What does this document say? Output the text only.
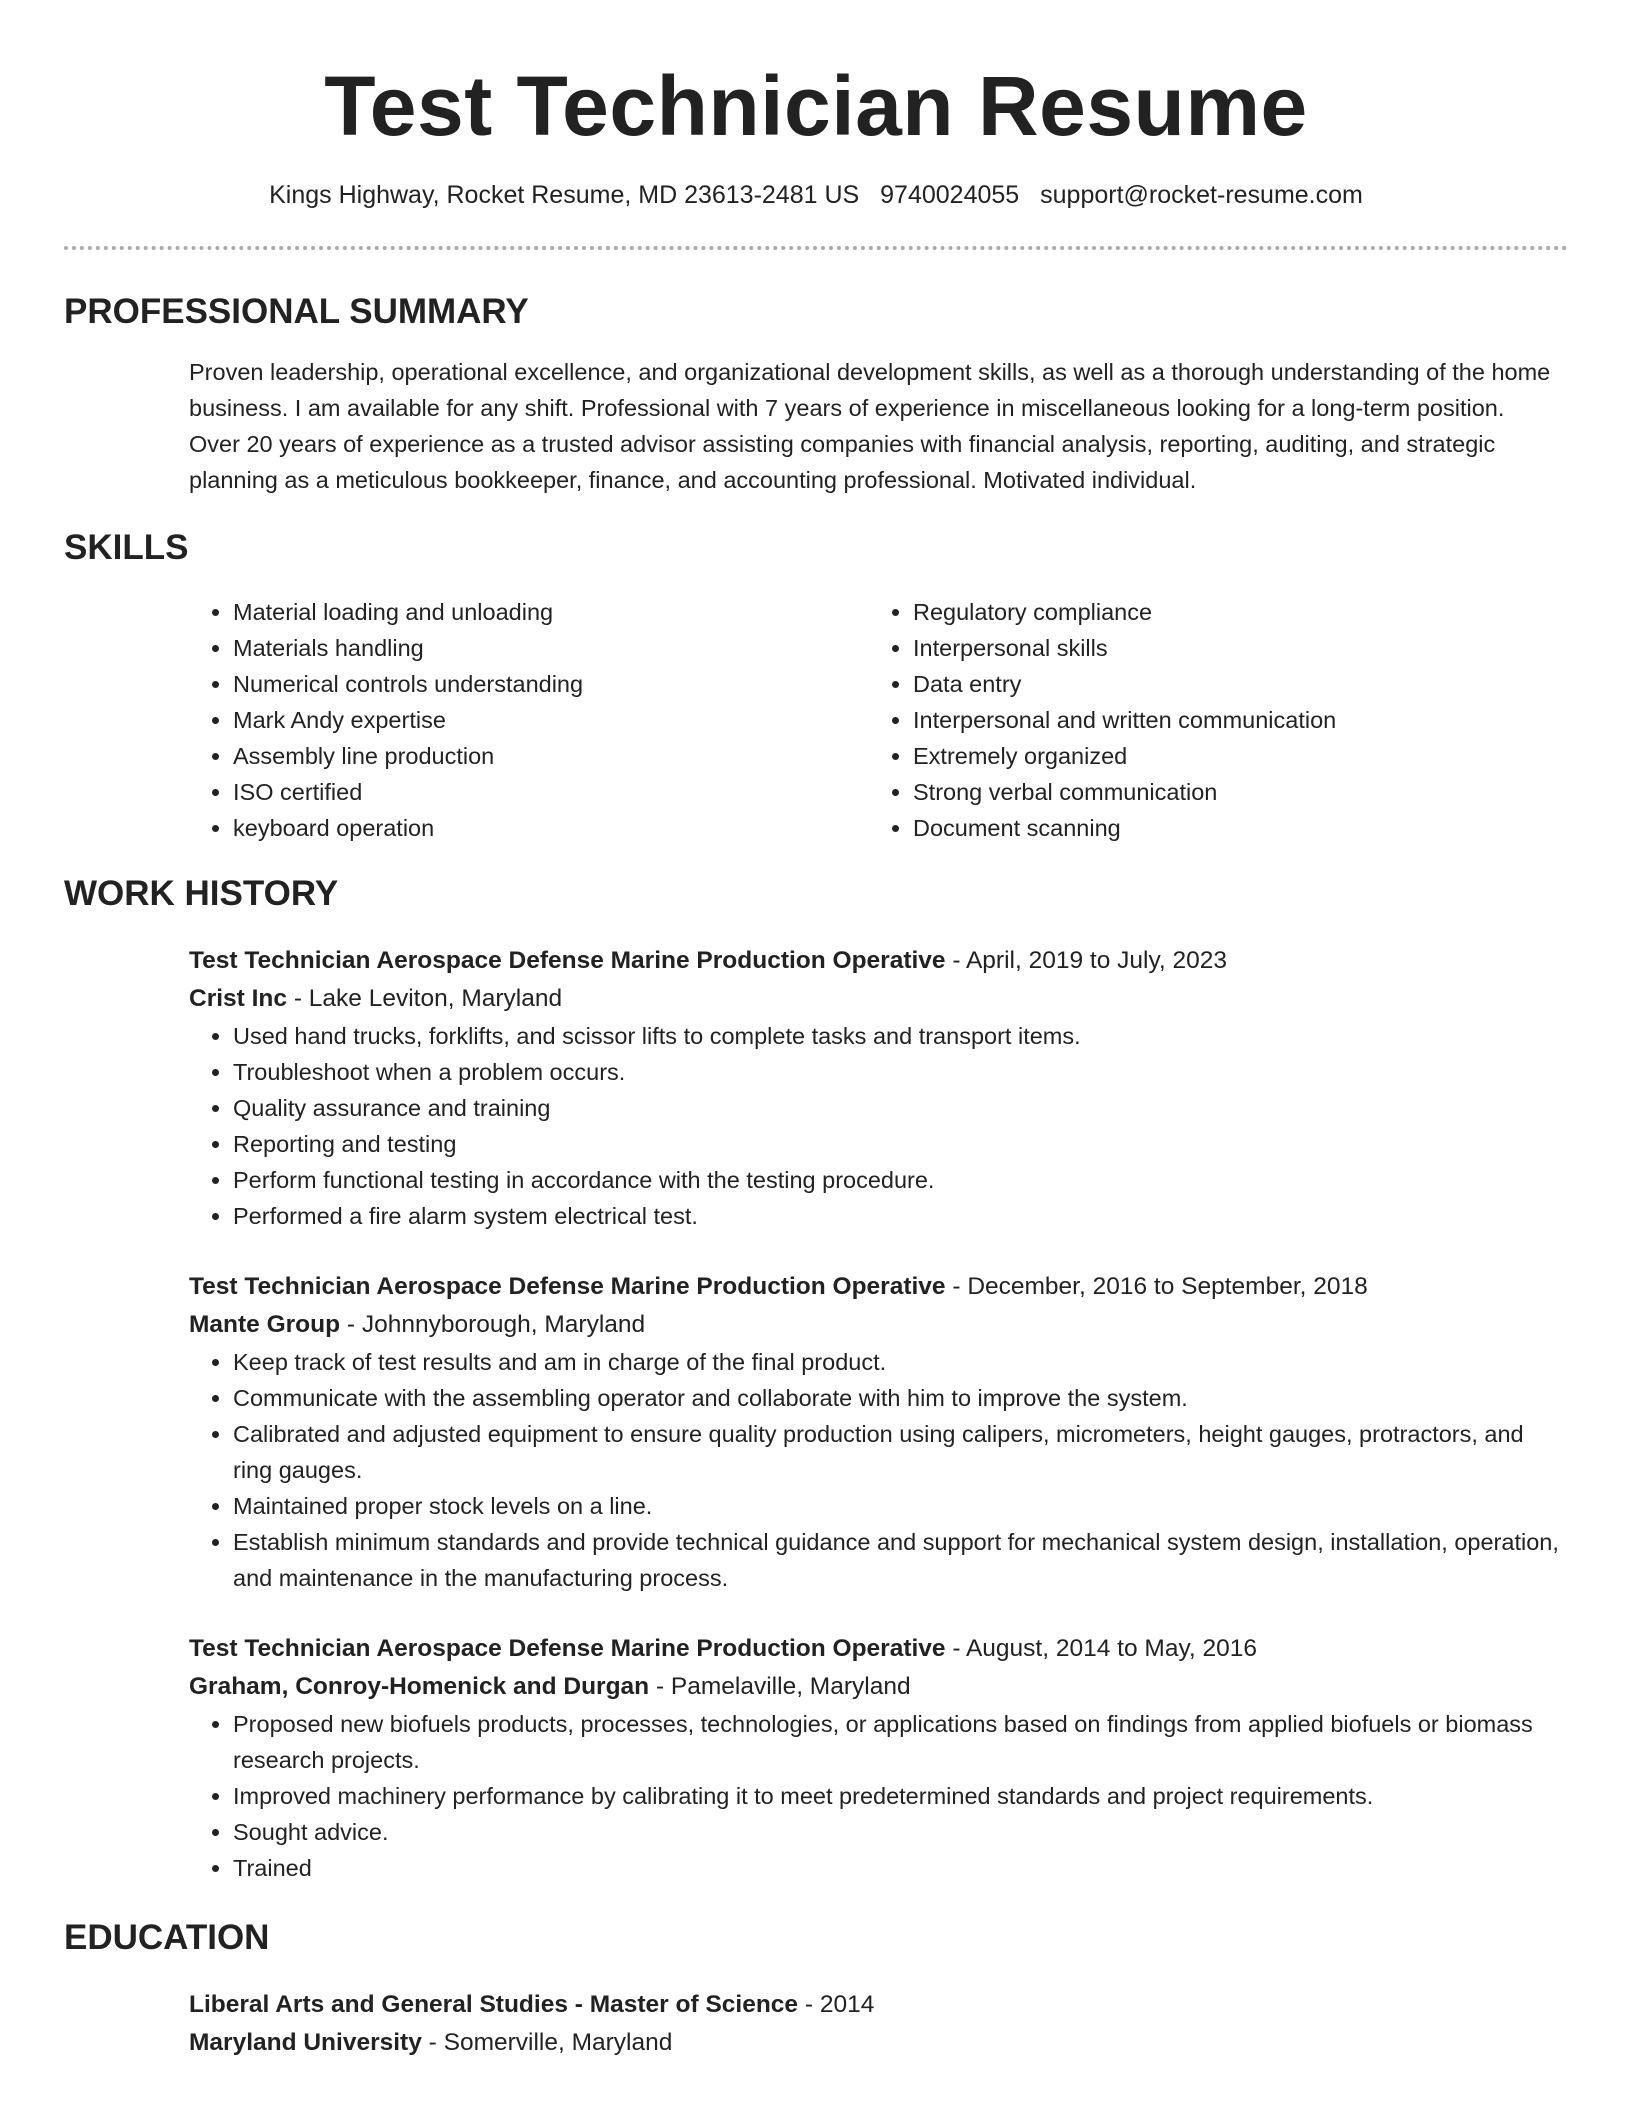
Test Technician Resume
Kings Highway, Rocket Resume, MD 23613-2481 US 9740024055 support@rocket-resume.com
PROFESSIONAL SUMMARY
Proven leadership, operational excellence, and organizational development skills, as well as a thorough understanding of the home business. I am available for any shift. Professional with 7 years of experience in miscellaneous looking for a long-term position. Over 20 years of experience as a trusted advisor assisting companies with financial analysis, reporting, auditing, and strategic planning as a meticulous bookkeeper, finance, and accounting professional. Motivated individual.
SKILLS
• Material loading and unloading
• Materials handling
• Numerical controls understanding
• Mark Andy expertise
• Assembly line production
• ISO certified
• keyboard operation
• Regulatory compliance
• Interpersonal skills
• Data entry
• Interpersonal and written communication
• Extremely organized
• Strong verbal communication
• Document scanning
WORK HISTORY
Test Technician Aerospace Defense Marine Production Operative - April, 2019 to July, 2023
Crist Inc - Lake Leviton, Maryland
• Used hand trucks, forklifts, and scissor lifts to complete tasks and transport items.
• Troubleshoot when a problem occurs.
• Quality assurance and training
• Reporting and testing
• Perform functional testing in accordance with the testing procedure.
• Performed a fire alarm system electrical test.
Test Technician Aerospace Defense Marine Production Operative - December, 2016 to September, 2018
Mante Group - Johnnyborough, Maryland
• Keep track of test results and am in charge of the final product.
• Communicate with the assembling operator and collaborate with him to improve the system.
• Calibrated and adjusted equipment to ensure quality production using calipers, micrometers, height gauges, protractors, and ring gauges.
• Maintained proper stock levels on a line.
• Establish minimum standards and provide technical guidance and support for mechanical system design, installation, operation, and maintenance in the manufacturing process.
Test Technician Aerospace Defense Marine Production Operative - August, 2014 to May, 2016
Graham, Conroy-Homenick and Durgan - Pamelaville, Maryland
• Proposed new biofuels products, processes, technologies, or applications based on findings from applied biofuels or biomass research projects.
• Improved machinery performance by calibrating it to meet predetermined standards and project requirements.
• Sought advice.
• Trained
EDUCATION
Liberal Arts and General Studies - Master of Science - 2014
Maryland University - Somerville, Maryland
